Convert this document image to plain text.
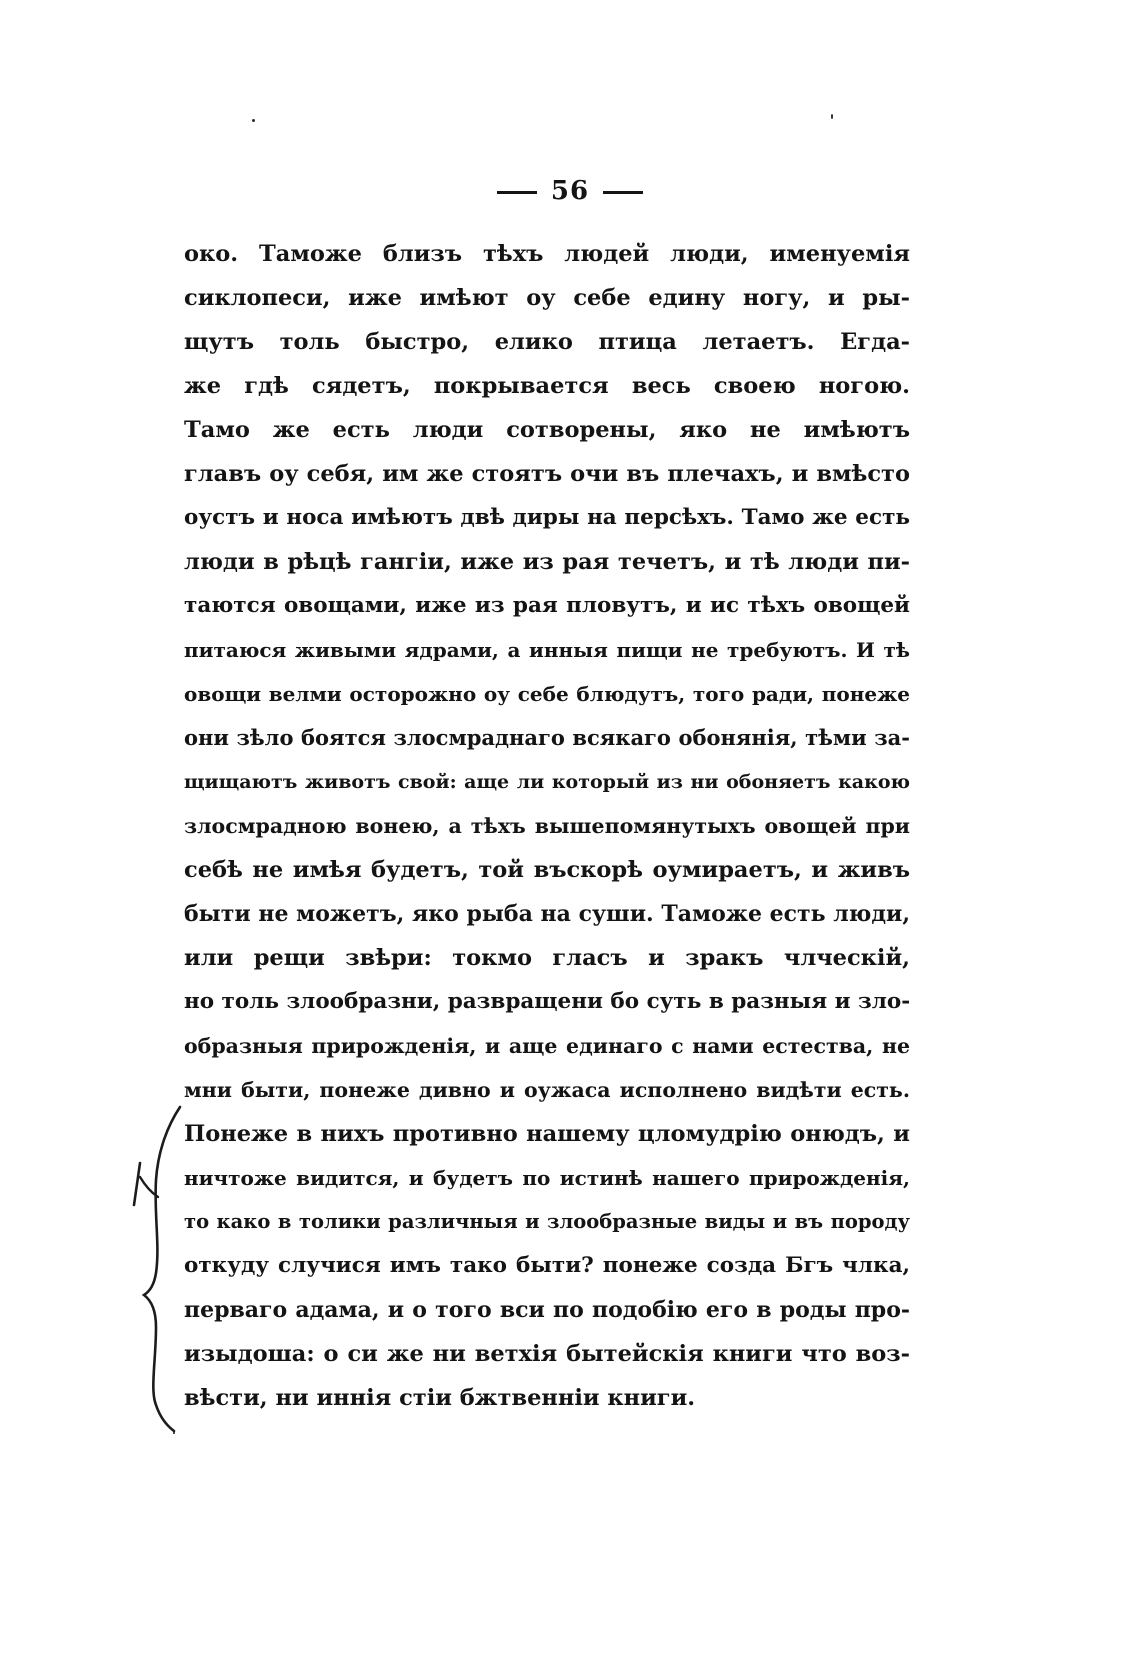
56
око. Таможе близъ тѣхъ людей люди, именуемія
сиклопеси, иже имѣют оу себе едину ногу, и ры-
щутъ толь быстро, елико птица летаетъ. Егда-
же гдѣ сядетъ, покрывается весь своею ногою.
Тамо же есть люди сотворены, яко не имѣютъ
главъ оу себя, им же стоятъ очи въ плечахъ, и вмѣсто
оустъ и носа имѣютъ двѣ диры на персѣхъ. Тамо же есть
люди в рѣцѣ гангіи, иже из рая течетъ, и тѣ люди пи-
таются овощами, иже из рая пловутъ, и ис тѣхъ овощей
питаюся живыми ядрами, а инныя пищи не требуютъ. И тѣ
овощи велми осторожно оу себе блюдутъ, того ради, понеже
они зѣло боятся злосмраднаго всякаго обонянія, тѣми за-
щищаютъ животъ свой: аще ли который из ни обоняетъ какою
злосмрадною вонею, а тѣхъ вышепомянутыхъ овощей при
себѣ не имѣя будетъ, той въскорѣ оумираетъ, и живъ
быти не можетъ, яко рыба на суши. Таможе есть люди,
или рещи звѣри: токмо гласъ и зракъ члческій,
но толь злообразни, развращени бо суть в разныя и зло-
образныя прирожденія, и аще единаго с нами естества, не
мни быти, понеже дивно и оужаса исполнено видѣти есть.
Понеже в нихъ противно нашему цломудрію онюдъ, и
ничтоже видится, и будетъ по истинѣ нашего прирожденія,
то како в толики различныя и злообразные виды и въ породу
откуду случися имъ тако быти? понеже созда Бгъ члка,
перваго адама, и о того вси по подобію его в роды про-
изыдоша: о си же ни ветхія бытейскія книги что воз-
вѣсти, ни иннія стіи бжтвенніи книги.
